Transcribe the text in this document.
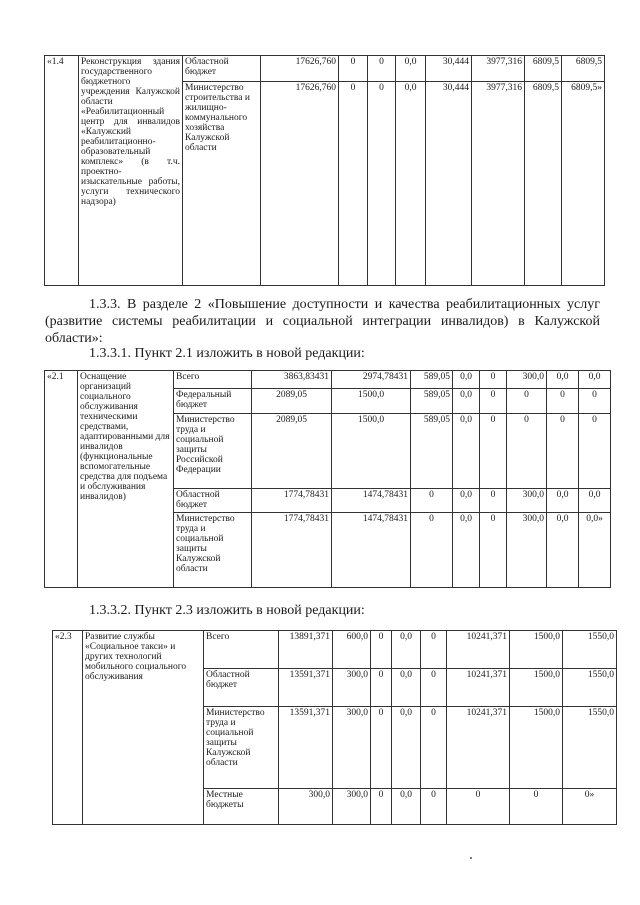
«1.4	Реконструкция здания государственного бюджетного учреждения Калужской области «Реабилитационный центр для инвалидов «Калужский реабилитационно-образовательный комплекс» (в т.ч. проектно-изыскательные работы, услуги технического надзора)	Областной бюджет	17626,760	0	0	0,0	30,444	3977,316	6809,5	6809,5
		Министерство строительства и жилищно-коммунального хозяйства Калужской области	17626,760	0	0	0,0	30,444	3977,316	6809,5	6809,5»
1.3.3. В разделе 2 «Повышение доступности и качества реабилитационных услуг (развитие системы реабилитации и социальной интеграции инвалидов) в Калужской области»:
1.3.3.1. Пункт 2.1 изложить в новой редакции:
«2.1	Оснащение организаций социального обслуживания техническими средствами, адаптированными для инвалидов (функциональные вспомогательные средства для подъема и обслуживания инвалидов)	Всего	3863,83431	2974,78431	589,05	0,0	0	300,0	0,0	0,0
		Федеральный бюджет	2089,05	1500,0	589,05	0,0	0	0	0	0
		Министерство труда и социальной защиты Российской Федерации	2089,05	1500,0	589,05	0,0	0	0	0	0
		Областной бюджет	1774,78431	1474,78431	0	0,0	0	300,0	0,0	0,0
		Министерство труда и социальной защиты Калужской области	1774,78431	1474,78431	0	0,0	0	300,0	0,0	0,0»
1.3.3.2. Пункт 2.3 изложить в новой редакции:
«2.3	Развитие службы «Социальное такси» и других технологий мобильного социального обслуживания	Всего	13891,371	600,0	0	0,0	0	10241,371	1500,0	1550,0
		Областной бюджет	13591,371	300,0	0	0,0	0	10241,371	1500,0	1550,0
		Министерство труда и социальной защиты Калужской области	13591,371	300,0	0	0,0	0	10241,371	1500,0	1550,0
		Местные бюджеты	300,0	300,0	0	0,0	0	0	0	0»
